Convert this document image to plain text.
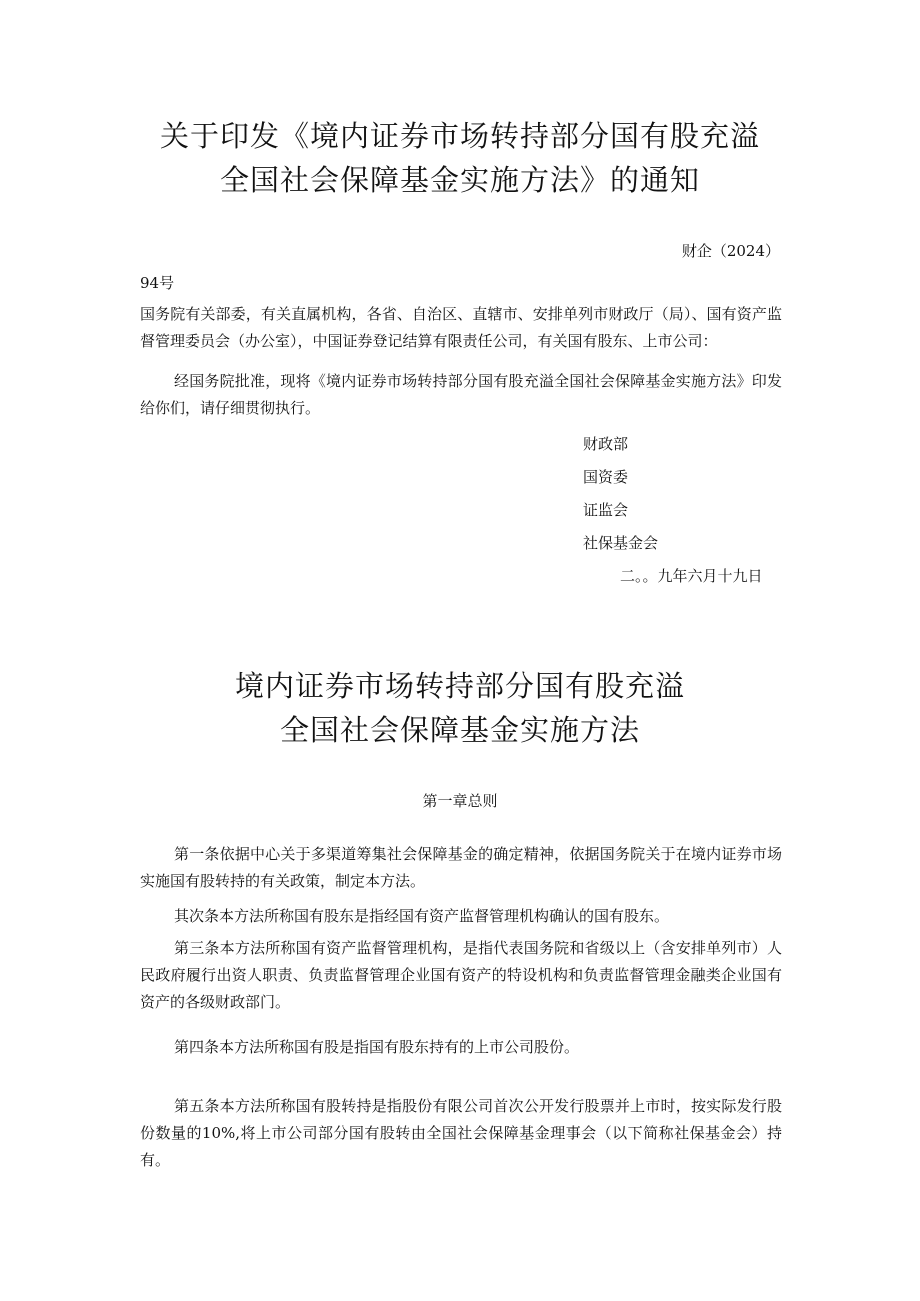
关于印发《境内证券市场转持部分国有股充溢
全国社会保障基金实施方法》的通知
财企（2024）
94号

国务院有关部委，有关直属机构，各省、自治区、直辖市、安排单列市财政厅（局）、国有资产监督管理委员会（办公室），中国证券登记结算有限责任公司，有关国有股东、上市公司：

经国务院批准，现将《境内证券市场转持部分国有股充溢全国社会保障基金实施方法》印发给你们，请仔细贯彻执行。

财政部
国资委
证监会
社保基金会
二。。九年六月十九日
境内证券市场转持部分国有股充溢
全国社会保障基金实施方法
第一章总则

第一条依据中心关于多渠道筹集社会保障基金的确定精神，依据国务院关于在境内证券市场实施国有股转持的有关政策，制定本方法。

其次条本方法所称国有股东是指经国有资产监督管理机构确认的国有股东。

第三条本方法所称国有资产监督管理机构，是指代表国务院和省级以上（含安排单列市）人民政府履行出资人职责、负责监督管理企业国有资产的特设机构和负责监督管理金融类企业国有资产的各级财政部门。

第四条本方法所称国有股是指国有股东持有的上市公司股份。

第五条本方法所称国有股转持是指股份有限公司首次公开发行股票并上市时，按实际发行股份数量的10%,将上市公司部分国有股转由全国社会保障基金理事会（以下简称社保基金会）持有。
